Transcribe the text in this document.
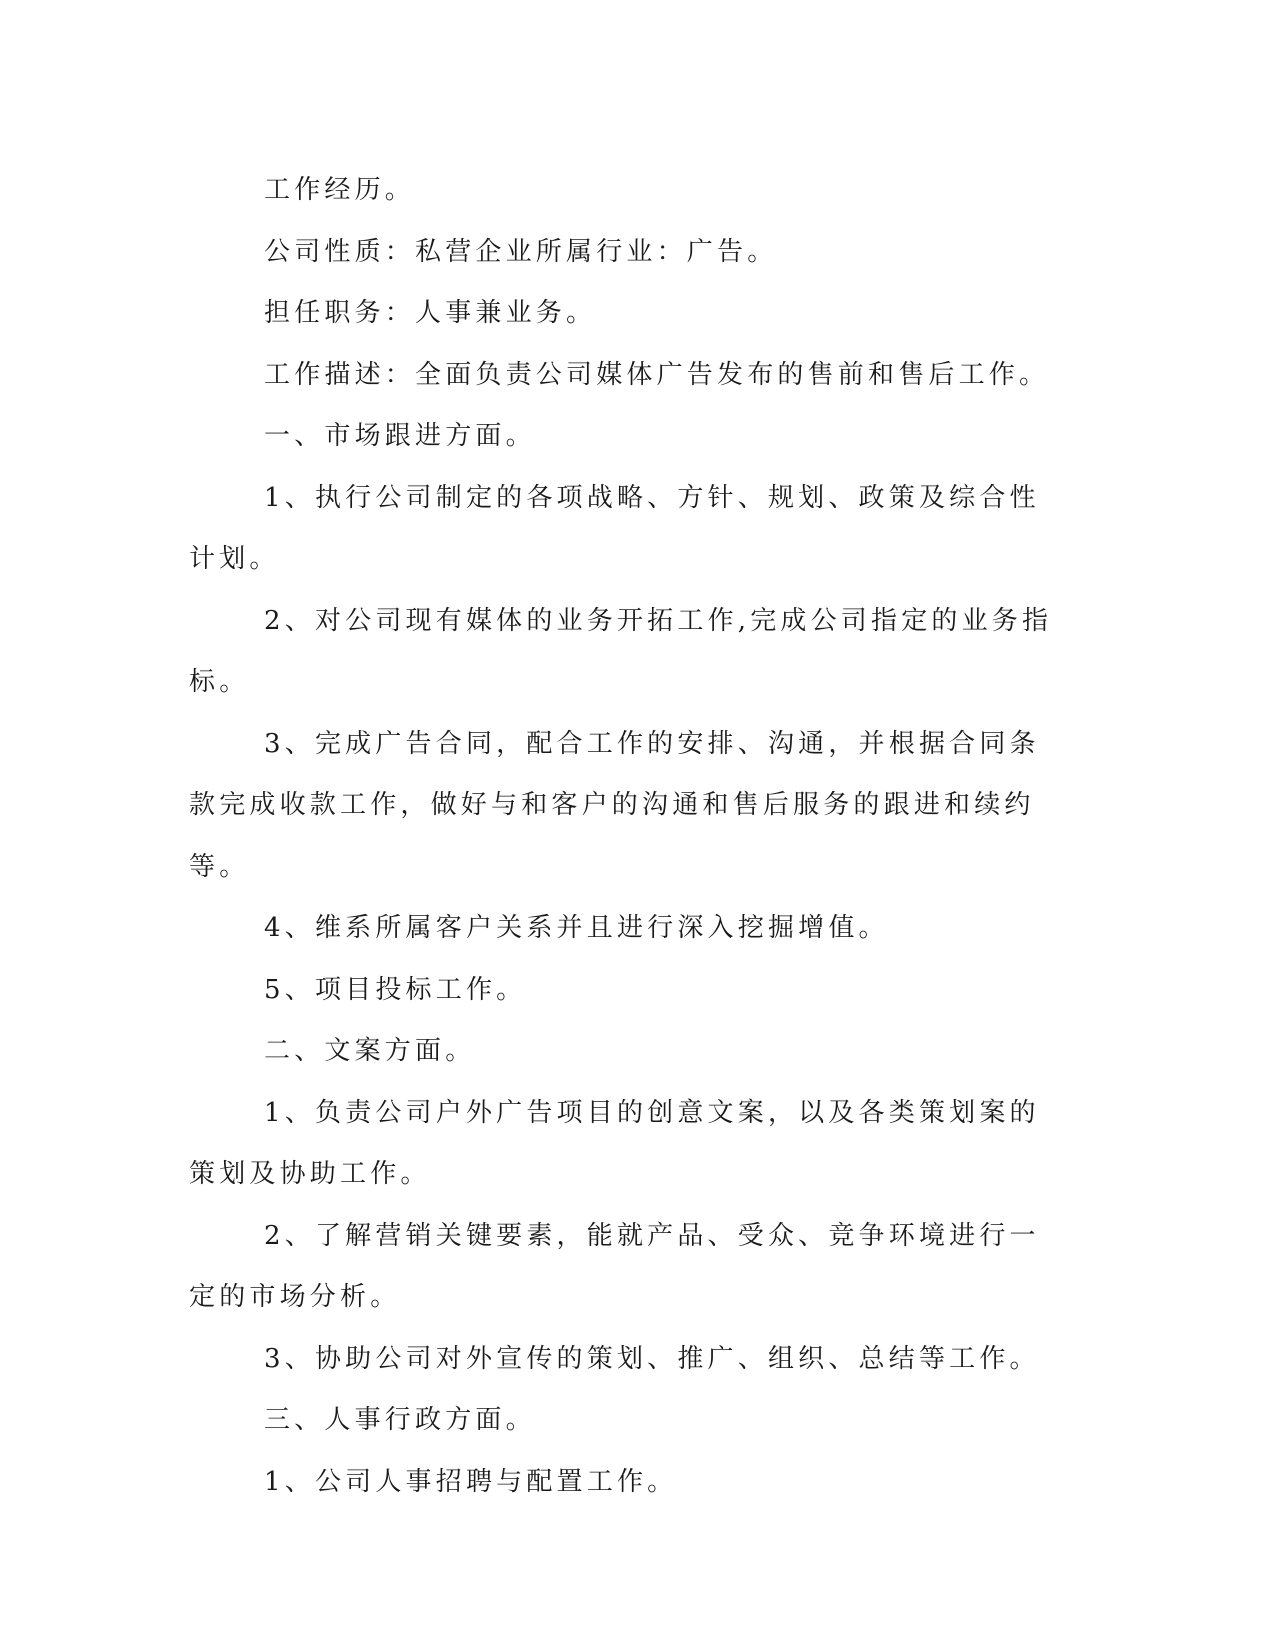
工作经历。

公司性质：私营企业所属行业：广告。

担任职务：人事兼业务。

工作描述：全面负责公司媒体广告发布的售前和售后工作。

一、市场跟进方面。

1、执行公司制定的各项战略、方针、规划、政策及综合性计划。

2、对公司现有媒体的业务开拓工作,完成公司指定的业务指标。

3、完成广告合同，配合工作的安排、沟通，并根据合同条款完成收款工作，做好与和客户的沟通和售后服务的跟进和续约等。

4、维系所属客户关系并且进行深入挖掘增值。

5、项目投标工作。

二、文案方面。

1、负责公司户外广告项目的创意文案，以及各类策划案的策划及协助工作。

2、了解营销关键要素，能就产品、受众、竞争环境进行一定的市场分析。

3、协助公司对外宣传的策划、推广、组织、总结等工作。

三、人事行政方面。

1、公司人事招聘与配置工作。
